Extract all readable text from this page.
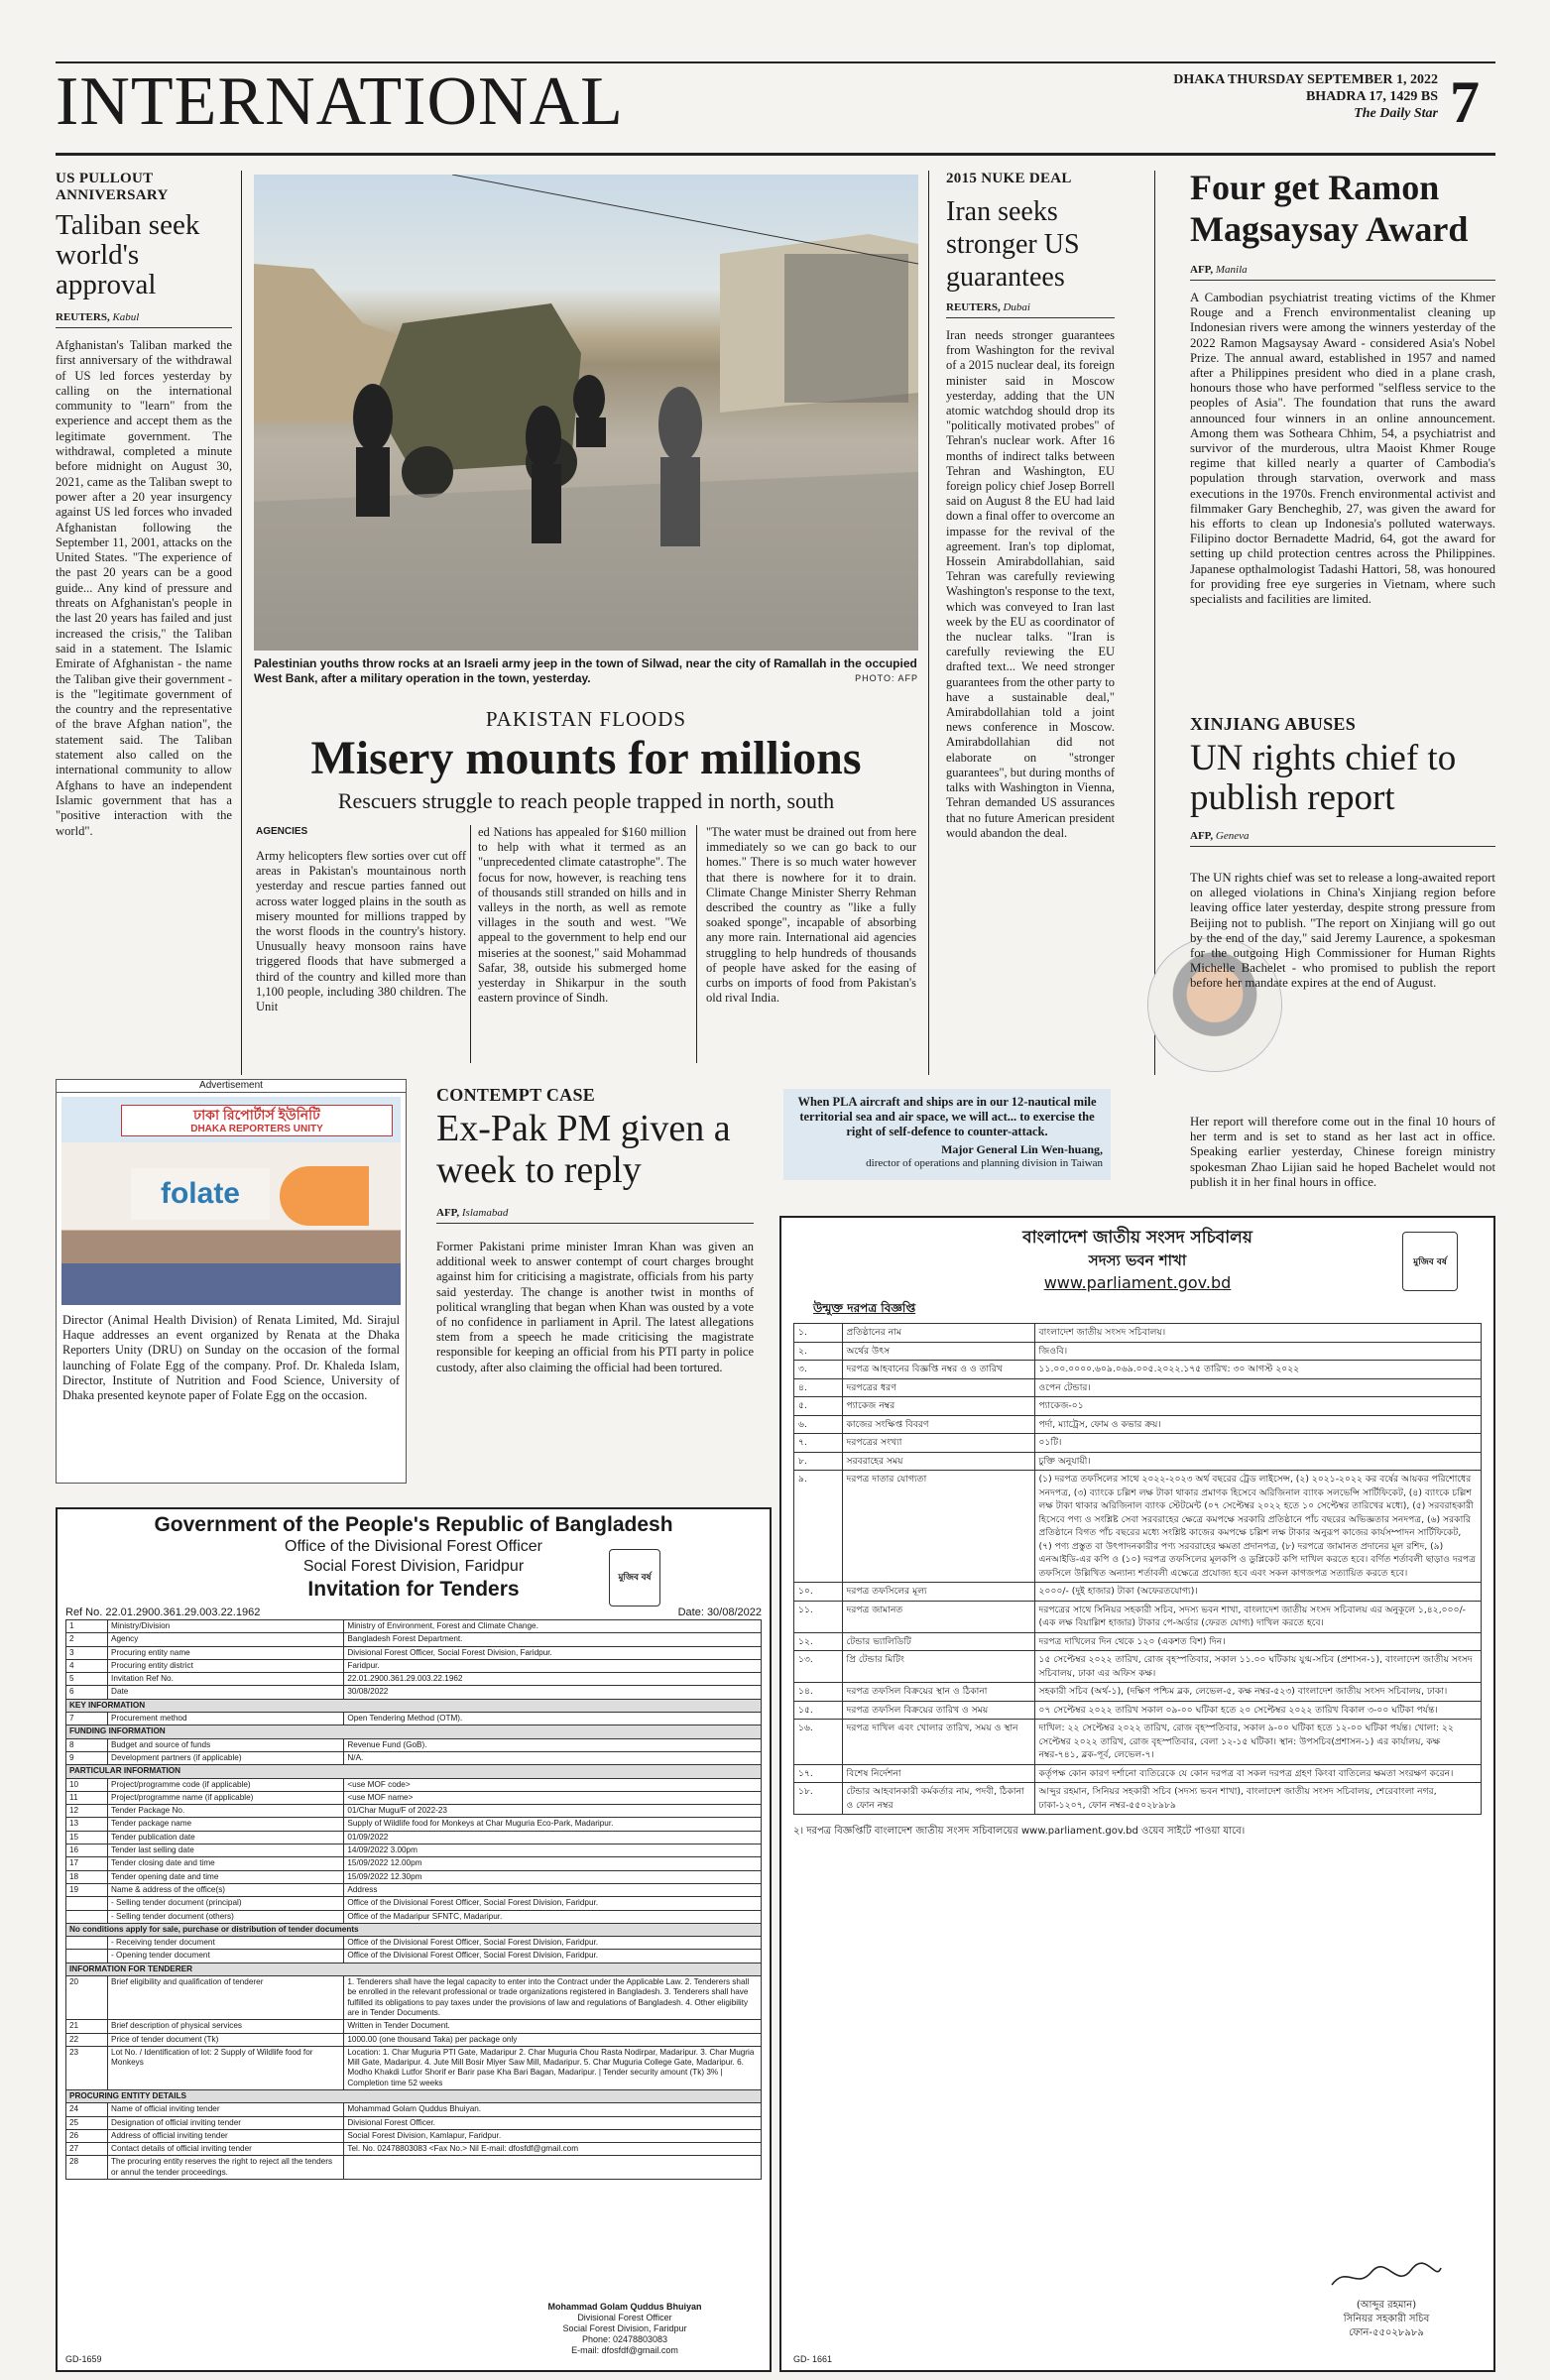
INTERNATIONAL	DHAKA THURSDAY SEPTEMBER 1, 2022
BHADRA 17, 1429 BS
The Daily Star 7
US PULLOUT
ANNIVERSARY
Taliban seek world's approval
REUTERS, Kabul
Afghanistan's Taliban marked the first anniversary of the withdrawal of US led forces yesterday by calling on the international community to "learn" from the experience and accept them as the legitimate government. The withdrawal, completed a minute before midnight on August 30, 2021, came as the Taliban swept to power after a 20 year insurgency against US led forces who invaded Afghanistan following the September 11, 2001, attacks on the United States. "The experience of the past 20 years can be a good guide... Any kind of pressure and threats on Afghanistan's people in the last 20 years has failed and just increased the crisis," the Taliban said in a statement. The Islamic Emirate of Afghanistan - the name the Taliban give their government - is the "legitimate government of the country and the representative of the brave Afghan nation", the statement said. The Taliban statement also called on the international community to allow Afghans to have an independent Islamic government that has a "positive interaction with the world".
Palestinian youths throw rocks at an Israeli army jeep in the town of Silwad, near the city of Ramallah in the occupied West Bank, after a military operation in the town, yesterday.	PHOTO: AFP
PAKISTAN FLOODS
Misery mounts for millions
Rescuers struggle to reach people trapped in north, south
AGENCIES
Army helicopters flew sorties over cut off areas in Pakistan's mountainous north yesterday and rescue parties fanned out across water logged plains in the south as misery mounted for millions trapped by the worst floods in the country's history. Unusually heavy monsoon rains have triggered floods that have submerged a third of the country and killed more than 1,100 people, including 380 children. The Unit
ed Nations has appealed for $160 million to help with what it termed as an "unprecedented climate catastrophe". The focus for now, however, is reaching tens of thousands still stranded on hills and in valleys in the north, as well as remote villages in the south and west. "We appeal to the government to help end our miseries at the soonest," said Mohammad Safar, 38, outside his submerged home yesterday in Shikarpur in the south eastern province of Sindh.
"The water must be drained out from here immediately so we can go back to our homes." There is so much water however that there is nowhere for it to drain. Climate Change Minister Sherry Rehman described the country as "like a fully soaked sponge", incapable of absorbing any more rain. International aid agencies struggling to help hundreds of thousands of people have asked for the easing of curbs on imports of food from Pakistan's old rival India.
2015 NUKE DEAL
Iran seeks stronger US guarantees
REUTERS, Dubai
Iran needs stronger guarantees from Washington for the revival of a 2015 nuclear deal, its foreign minister said in Moscow yesterday, adding that the UN atomic watchdog should drop its "politically motivated probes" of Tehran's nuclear work. After 16 months of indirect talks between Tehran and Washington, EU foreign policy chief Josep Borrell said on August 8 the EU had laid down a final offer to overcome an impasse for the revival of the agreement. Iran's top diplomat, Hossein Amirabdollahian, said Tehran was carefully reviewing Washington's response to the text, which was conveyed to Iran last week by the EU as coordinator of the nuclear talks. "Iran is carefully reviewing the EU drafted text... We need stronger guarantees from the other party to have a sustainable deal," Amirabdollahian told a joint news conference in Moscow. Amirabdollahian did not elaborate on "stronger guarantees", but during months of talks with Washington in Vienna, Tehran demanded US assurances that no future American president would abandon the deal.
Four get Ramon Magsaysay Award
AFP, Manila
A Cambodian psychiatrist treating victims of the Khmer Rouge and a French environmentalist cleaning up Indonesian rivers were among the winners yesterday of the 2022 Ramon Magsaysay Award - considered Asia's Nobel Prize. The annual award, established in 1957 and named after a Philippines president who died in a plane crash, honours those who have performed "selfless service to the peoples of Asia". The foundation that runs the award announced four winners in an online announcement. Among them was Sotheara Chhim, 54, a psychiatrist and survivor of the murderous, ultra Maoist Khmer Rouge regime that killed nearly a quarter of Cambodia's population through starvation, overwork and mass executions in the 1970s. French environmental activist and filmmaker Gary Bencheghib, 27, was given the award for his efforts to clean up Indonesia's polluted waterways. Filipino doctor Bernadette Madrid, 64, got the award for setting up child protection centres across the Philippines. Japanese opthalmologist Tadashi Hattori, 58, was honoured for providing free eye surgeries in Vietnam, where such specialists and facilities are limited.
XINJIANG ABUSES
UN rights chief to publish report
AFP, Geneva
The UN rights chief was set to release a long-awaited report on alleged violations in China's Xinjiang region before leaving office later yesterday, despite strong pressure from Beijing not to publish. "The report on Xinjiang will go out by the end of the day," said Jeremy Laurence, a spokesman for the outgoing High Commissioner for Human Rights Michelle Bachelet - who promised to publish the report before her mandate expires at the end of August.
Her report will therefore come out in the final 10 hours of her term and is set to stand as her last act in office. Speaking earlier yesterday, Chinese foreign ministry spokesman Zhao Lijian said he hoped Bachelet would not publish it in her final hours in office.
Advertisement
ঢাকা রিপোর্টার্স ইউনিটি
DHAKA REPORTERS UNITY
folate
Director (Animal Health Division) of Renata Limited, Md. Sirajul Haque addresses an event organized by Renata at the Dhaka Reporters Unity (DRU) on Sunday on the occasion of the formal launching of Folate Egg of the company. Prof. Dr. Khaleda Islam, Director, Institute of Nutrition and Food Science, University of Dhaka presented keynote paper of Folate Egg on the occasion.
CONTEMPT CASE
Ex-Pak PM given a week to reply
AFP, Islamabad
Former Pakistani prime minister Imran Khan was given an additional week to answer contempt of court charges brought against him for criticising a magistrate, officials from his party said yesterday. The change is another twist in months of political wrangling that began when Khan was ousted by a vote of no confidence in parliament in April. The latest allegations stem from a speech he made criticising the magistrate responsible for keeping an official from his PTI party in police custody, after also claiming the official had been tortured.
When PLA aircraft and ships are in our 12-nautical mile territorial sea and air space, we will act... to exercise the right of self-defence to counter-attack.
Major General Lin Wen-huang,
director of operations and planning division in Taiwan
Government of the People's Republic of Bangladesh
Office of the Divisional Forest Officer
Social Forest Division, Faridpur
Invitation for Tenders
মুজিব বর্ষ
Ref No. 22.01.2900.361.29.003.22.1962	Date: 30/08/2022
1	Ministry/Division	Ministry of Environment, Forest and Climate Change.
2	Agency	Bangladesh Forest Department.
3	Procuring entity name	Divisional Forest Officer, Social Forest Division, Faridpur.
4	Procuring entity district	Faridpur.
5	Invitation Ref No.	22.01.2900.361.29.003.22.1962
6	Date	30/08/2022
KEY INFORMATION		
7	Procurement method	Open Tendering Method (OTM).
FUNDING INFORMATION		
8	Budget and source of funds	Revenue Fund (GoB).
9	Development partners (if applicable)	N/A.
PARTICULAR INFORMATION		
10	Project/programme code (if applicable)	<use MOF code>
11	Project/programme name (if applicable)	<use MOF name>
12	Tender Package No.	01/Char Mugu/F of 2022-23
13	Tender package name	Supply of Wildlife food for Monkeys at Char Muguria Eco-Park, Madaripur.
15	Tender publication date	01/09/2022
16	Tender last selling date	14/09/2022 3.00pm
17	Tender closing date and time	15/09/2022 12.00pm
18	Tender opening date and time	15/09/2022 12.30pm
19	Name & address of the office(s)	Address
	- Selling tender document (principal)	Office of the Divisional Forest Officer, Social Forest Division, Faridpur.
	- Selling tender document (others)	Office of the Madaripur SFNTC, Madaripur.
No conditions apply for sale, purchase or distribution of tender documents		
	- Receiving tender document	Office of the Divisional Forest Officer, Social Forest Division, Faridpur.
	- Opening tender document	Office of the Divisional Forest Officer, Social Forest Division, Faridpur.
INFORMATION FOR TENDERER		
20	Brief eligibility and qualification of tenderer	1. Tenderers shall have the legal capacity to enter into the Contract under the Applicable Law. 2. Tenderers shall be enrolled in the relevant professional or trade organizations registered in Bangladesh. 3. Tenderers shall have fulfilled its obligations to pay taxes under the provisions of law and regulations of Bangladesh. 4. Other eligibility are in Tender Documents.
21	Brief description of physical services	Written in Tender Document.
22	Price of tender document (Tk)	1000.00 (one thousand Taka) per package only
23	Lot No. / Identification of lot: 2 Supply of Wildlife food for Monkeys	Location: 1. Char Muguria PTI Gate, Madaripur 2. Char Muguria Chou Rasta Nodirpar, Madaripur. 3. Char Mugria Mill Gate, Madaripur. 4. Jute Mill Bosir Miyer Saw Mill, Madaripur. 5. Char Muguria College Gate, Madaripur. 6. Modho Khakdi Lutfor Shorif er Barir pase Kha Bari Bagan, Madaripur. | Tender security amount (Tk) 3% | Completion time 52 weeks
PROCURING ENTITY DETAILS		
24	Name of official inviting tender	Mohammad Golam Quddus Bhuiyan.
25	Designation of official inviting tender	Divisional Forest Officer.
26	Address of official inviting tender	Social Forest Division, Kamlapur, Faridpur.
27	Contact details of official inviting tender	Tel. No. 02478803083 <Fax No.> Nil E-mail: dfosfdf@gmail.com
28	The procuring entity reserves the right to reject all the tenders or annul the tender proceedings.	
Mohammad Golam Quddus Bhuiyan
Divisional Forest Officer
Social Forest Division, Faridpur
Phone: 02478803083
E-mail: dfosfdf@gmail.com
GD-1659
বাংলাদেশ জাতীয় সংসদ সচিবালয়
সদস্য ভবন শাখা
www.parliament.gov.bd
মুজিব বর্ষ
উন্মুক্ত দরপত্র বিজ্ঞপ্তি
১.	প্রতিষ্ঠানের নাম	বাংলাদেশ জাতীয় সংসদ সচিবালয়।
২.	অর্থের উৎস	জিওবি।
৩.	দরপত্র আহবানের বিজ্ঞপ্তি নম্বর ও ও তারিখ	১১.০০.০০০০.৬০৯.০৬৯.০০৫.২০২২.১৭৫ তারিখ: ৩০ আগস্ট ২০২২
৪.	দরপত্রের ধরণ	ওপেন টেন্ডার।
৫.	প্যাকেজ নম্বর	প্যাকেজ-০১
৬.	কাজের সংক্ষিপ্ত বিবরণ	পর্দা, ম্যাট্রেস, ফোম ও কভার ক্রয়।
৭.	দরপত্রের সংখ্যা	০১টি।
৮.	সরবরাহের সময়	চুক্তি অনুযায়ী।
৯.	দরপত্র দাতার যোগ্যতা	(১) দরপত্র তফসিলের সাথে ২০২২-২০২৩ অর্থ বছরের ট্রেড লাইসেন্স, (২) ২০২১-২০২২ কর বর্ষের আয়কর পরিশোধের সনদপত্র, (৩) ব্যাংকে চল্লিশ লক্ষ টাকা থাকার প্রমাণক হিসেবে অরিজিনাল ব্যাংক সলভেন্সি সার্টিফিকেট, (৪) ব্যাংকে চল্লিশ লক্ষ টাকা থাকার অরিজিনাল ব্যাংক স্টেটমেন্ট (০৭ সেপ্টেম্বর ২০২২ হতে ১০ সেপ্টেম্বর তারিখের মধ্যে), (৫) সরবরাহকারী হিসেবে পণ্য ও সংশ্লিষ্ট সেবা সরবরাহের ক্ষেত্রে কমপক্ষে সরকারি প্রতিষ্ঠানে পাঁচ বছরের অভিজ্ঞতার সনদপত্র, (৬) সরকারি প্রতিষ্ঠানে বিগত পাঁচ বছরের মধ্যে সংশ্লিষ্ট কাজের কমপক্ষে চল্লিশ লক্ষ টাকার অনুরূপ কাজের কার্যসম্পাদন সার্টিফিকেট, (৭) পণ্য প্রস্তুত বা উৎপাদনকারীর পণ্য সরবরাহের ক্ষমতা প্রদানপত্র, (৮) দরপত্রে জামানত প্রদানের মূল রশিদ, (৯) এনআইডি-এর কপি ও (১০) দরপত্র তফসিলের মূলকপি ও ডুপ্লিকেট কপি দাখিল করতে হবে। বর্ণিত শর্তাবলী ছাড়াও দরপত্র তফসিলে উল্লিখিত অন্যান্য শর্তাবলী এক্ষেত্রে প্রযোজ্য হবে এবং সকল কাগজপত্র সত্যায়িত করতে হবে।
১০.	দরপত্র তফসিলের মূল্য	২০০০/- (দুই হাজার) টাকা (অফেরতযোগ্য)।
১১.	দরপত্র জামানত	দরপত্রের সাথে সিনিয়র সহকারী সচিব, সদস্য ভবন শাখা, বাংলাদেশ জাতীয় সংসদ সচিবালয় এর অনুকূলে ১,৪২,০০০/- (এক লক্ষ বিয়াল্লিশ হাজার) টাকার পে-অর্ডার (ফেরত যোগ্য) দাখিল করতে হবে।
১২.	টেন্ডার ভ্যালিডিটি	দরপত্র দাখিলের দিন থেকে ১২০ (একশত বিশ) দিন।
১৩.	প্রি টেন্ডার মিটিং	১৫ সেপ্টেম্বর ২০২২ তারিখ, রোজ বৃহস্পতিবার, সকাল ১১.০০ ঘটিকায় যুগ্ম-সচিব (প্রশাসন-১), বাংলাদেশ জাতীয় সংসদ সচিবালয়, ঢাকা এর অফিস কক্ষ।
১৪.	দরপত্র তফসিল বিক্রয়ের স্থান ও ঠিকানা	সহকারী সচিব (অর্থ-১), (দক্ষিণ পশ্চিম ব্লক, লেভেল-৫, কক্ষ নম্বর-৫২৩) বাংলাদেশ জাতীয় সংসদ সচিবালয়, ঢাকা।
১৫.	দরপত্র তফসিল বিক্রয়ের তারিখ ও সময়	০৭ সেপ্টেম্বর ২০২২ তারিখ সকাল ০৯-০০ ঘটিকা হতে ২০ সেপ্টেম্বর ২০২২ তারিখ বিকাল ৩-০০ ঘটিকা পর্যন্ত।
১৬.	দরপত্র দাখিল এবং খোলার তারিখ, সময় ও স্থান	দাখিল: ২২ সেপ্টেম্বর ২০২২ তারিখ, রোজ বৃহস্পতিবার, সকাল ৯-০০ ঘটিকা হতে ১২-০০ ঘটিকা পর্যন্ত। খোলা: ২২ সেপ্টেম্বর ২০২২ তারিখ, রোজ বৃহস্পতিবার, বেলা ১২-১৫ ঘটিকা। স্থান: উপসচিব(প্রশাসন-১) এর কার্যালয়, কক্ষ নম্বর-৭৪১, ব্লক-পূর্ব, লেভেল-৭।
১৭.	বিশেষ নির্দেশনা	কর্তৃপক্ষ কোন কারণ দর্শানো ব্যতিরেকে যে কোন দরপত্র বা সকল দরপত্র গ্রহণ কিংবা বাতিলের ক্ষমতা সংরক্ষণ করেন।
১৮.	টেন্ডার আহবানকারী কর্মকর্তার নাম, পদবী, ঠিকানা ও ফোন নম্বর	আব্দুর রহমান, সিনিয়র সহকারী সচিব (সদস্য ভবন শাখা), বাংলাদেশ জাতীয় সংসদ সচিবালয়, শেরেবাংলা নগর, ঢাকা-১২০৭, ফোন নম্বর-৫৫০২৮৯৮৯
২। দরপত্র বিজ্ঞপ্তিটি বাংলাদেশ জাতীয় সংসদ সচিবালয়ের www.parliament.gov.bd ওয়েব সাইটে পাওয়া যাবে।
(আব্দুর রহমান)
সিনিয়র সহকারী সচিব
ফোন-৫৫০২৮৯৮৯
GD- 1661
